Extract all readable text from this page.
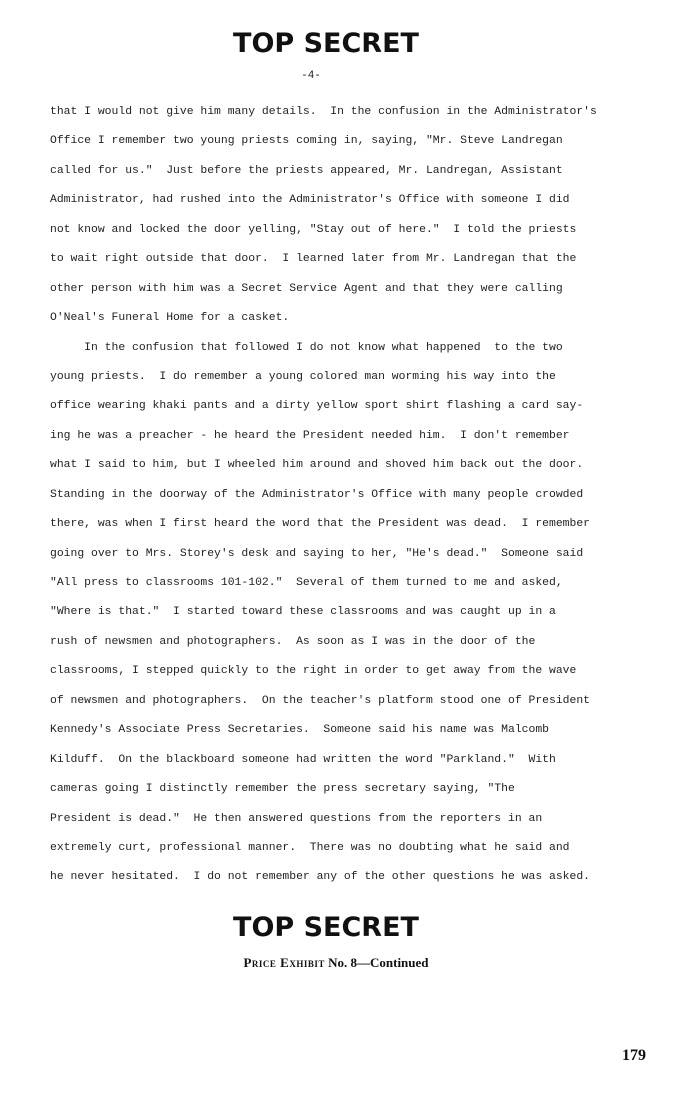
TOP SECRET
-4-
that I would not give him many details.  In the confusion in the Administrator's
Office I remember two young priests coming in, saying, "Mr. Steve Landregan
called for us."  Just before the priests appeared, Mr. Landregan, Assistant
Administrator, had rushed into the Administrator's Office with someone I did
not know and locked the door yelling, "Stay out of here."  I told the priests
to wait right outside that door.  I learned later from Mr. Landregan that the
other person with him was a Secret Service Agent and that they were calling
O'Neal's Funeral Home for a casket.
In the confusion that followed I do not know what happened  to the two
young priests.  I do remember a young colored man worming his way into the
office wearing khaki pants and a dirty yellow sport shirt flashing a card say-
ing he was a preacher - he heard the President needed him.  I don't remember
what I said to him, but I wheeled him around and shoved him back out the door.
Standing in the doorway of the Administrator's Office with many people crowded
there, was when I first heard the word that the President was dead.  I remember
going over to Mrs. Storey's desk and saying to her, "He's dead."  Someone said
"All press to classrooms 101-102."  Several of them turned to me and asked,
"Where is that."  I started toward these classrooms and was caught up in a
rush of newsmen and photographers.  As soon as I was in the door of the
classrooms, I stepped quickly to the right in order to get away from the wave
of newsmen and photographers.  On the teacher's platform stood one of President
Kennedy's Associate Press Secretaries.  Someone said his name was Malcomb
Kilduff.  On the blackboard someone had written the word "Parkland."  With
cameras going I distinctly remember the press secretary saying, "The
President is dead."  He then answered questions from the reporters in an
extremely curt, professional manner.  There was no doubting what he said and
he never hesitated.  I do not remember any of the other questions he was asked.
TOP SECRET
Price Exhibit No. 8—Continued
179
